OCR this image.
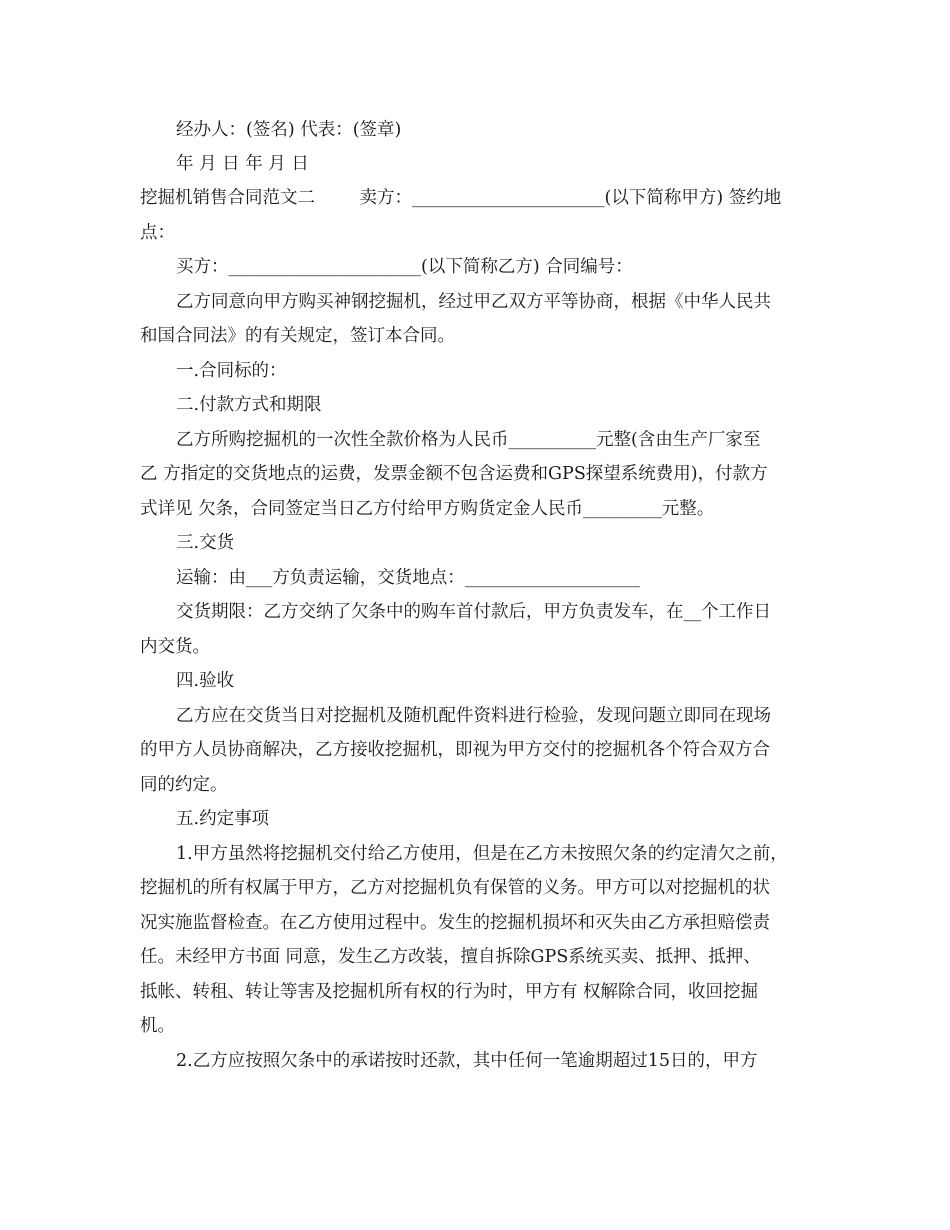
经办人：(签名) 代表：(签章)

年 月 日 年 月 日

挖掘机销售合同范文二        卖方：______________________(以下简称甲方) 签约地

点：

买方：______________________(以下简称乙方) 合同编号：

乙方同意向甲方购买神钢挖掘机，经过甲乙双方平等协商，根据《中华人民共

和国合同法》的有关规定，签订本合同。

一.合同标的：

二.付款方式和期限

乙方所购挖掘机的一次性全款价格为人民币__________元整(含由生产厂家至

乙 方指定的交货地点的运费，发票金额不包含运费和GPS探望系统费用)，付款方

式详见 欠条，合同签定当日乙方付给甲方购货定金人民币_________元整。

三.交货

运输：由___方负责运输，交货地点：____________________

交货期限：乙方交纳了欠条中的购车首付款后，甲方负责发车，在__个工作日

内交货。

四.验收

乙方应在交货当日对挖掘机及随机配件资料进行检验，发现问题立即同在现场

的甲方人员协商解决，乙方接收挖掘机，即视为甲方交付的挖掘机各个符合双方合

同的约定。

五.约定事项

1.甲方虽然将挖掘机交付给乙方使用，但是在乙方未按照欠条的约定清欠之前，

挖掘机的所有权属于甲方，乙方对挖掘机负有保管的义务。甲方可以对挖掘机的状

况实施监督检查。在乙方使用过程中。发生的挖掘机损坏和灭失由乙方承担赔偿责

任。未经甲方书面 同意，发生乙方改装，擅自拆除GPS系统买卖、抵押、抵押、

抵帐、转租、转让等害及挖掘机所有权的行为时，甲方有 权解除合同，收回挖掘

机。

2.乙方应按照欠条中的承诺按时还款，其中任何一笔逾期超过15日的，甲方
